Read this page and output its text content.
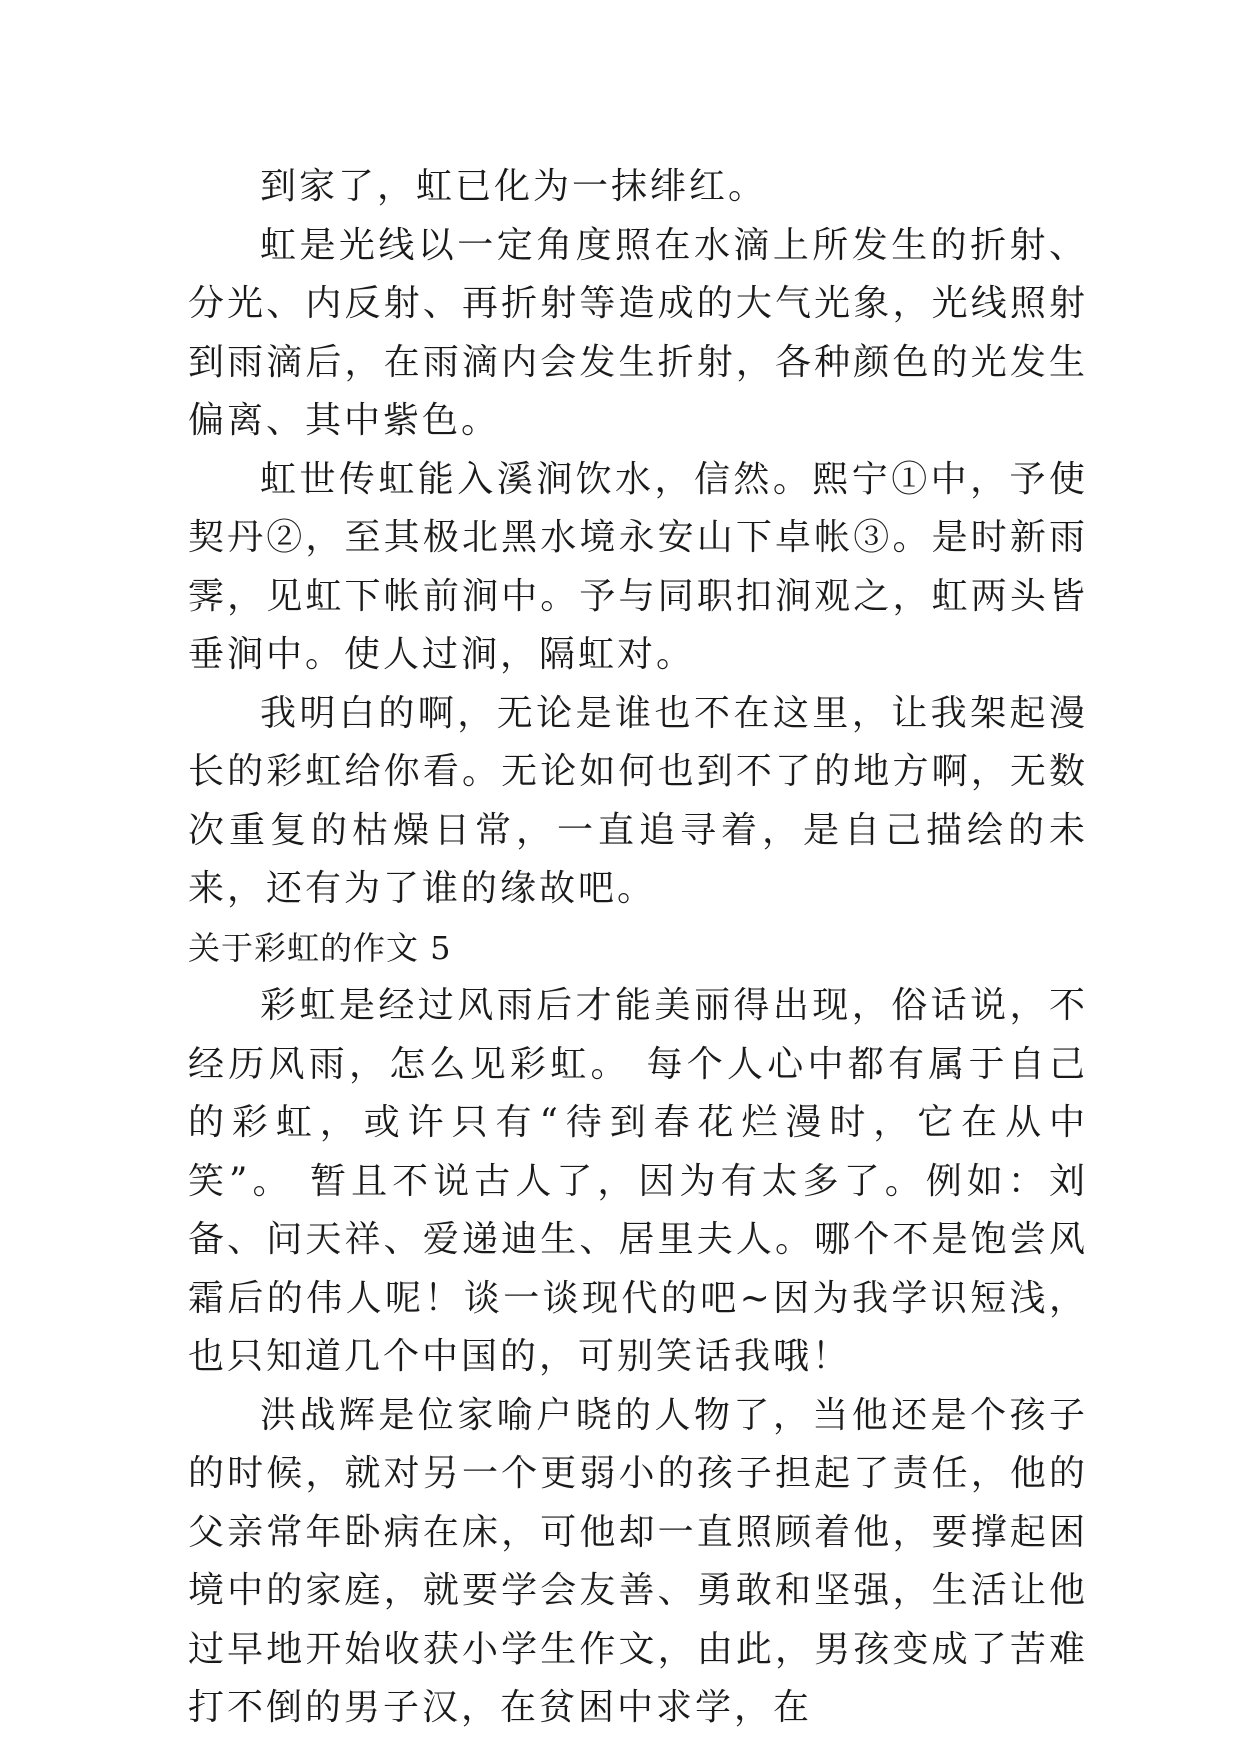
到家了，虹已化为一抹绯红。

虹是光线以一定角度照在水滴上所发生的折射、分光、内反射、再折射等造成的大气光象，光线照射到雨滴后，在雨滴内会发生折射，各种颜色的光发生偏离、其中紫色。

虹世传虹能入溪涧饮水，信然。熙宁①中，予使契丹②，至其极北黑水境永安山下卓帐③。是时新雨霁，见虹下帐前涧中。予与同职扣涧观之，虹两头皆垂涧中。使人过涧，隔虹对。

我明白的啊，无论是谁也不在这里，让我架起漫长的彩虹给你看。无论如何也到不了的地方啊，无数次重复的枯燥日常，一直追寻着，是自己描绘的未来，还有为了谁的缘故吧。

关于彩虹的作文 5

彩虹是经过风雨后才能美丽得出现，俗话说，不经历风雨，怎么见彩虹。 每个人心中都有属于自己的彩虹，或许只有“待到春花烂漫时，它在从中笑”。 暂且不说古人了，因为有太多了。例如：刘备、问天祥、爱递迪生、居里夫人。哪个不是饱尝风霜后的伟人呢！谈一谈现代的吧~因为我学识短浅，也只知道几个中国的，可别笑话我哦！

洪战辉是位家喻户晓的人物了，当他还是个孩子的时候，就对另一个更弱小的孩子担起了责任，他的父亲常年卧病在床，可他却一直照顾着他，要撑起困境中的家庭，就要学会友善、勇敢和坚强，生活让他过早地开始收获小学生作文，由此，男孩变成了苦难打不倒的男子汉，在贫困中求学，在
